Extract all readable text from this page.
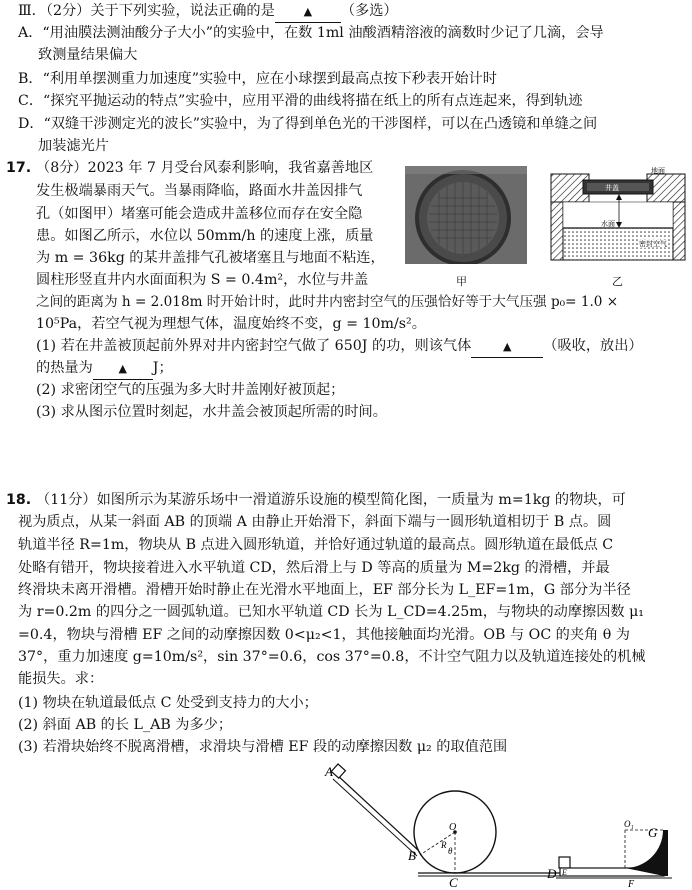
Ⅲ．（2分）关于下列实验，说法正确的是	▲ （多选）
A．“用油膜法测油酸分子大小”的实验中，在数 1ml 油酸酒精溶液的滴数时少记了几滴，会导
致测量结果偏大
B．“利用单摆测重力加速度”实验中，应在小球摆到最高点按下秒表开始计时
C．“探究平抛运动的特点”实验中，应用平滑的曲线将描在纸上的所有点连起来，得到轨迹
D．“双缝干涉测定光的波长”实验中，为了得到单色光的干涉图样，可以在凸透镜和单缝之间
加装滤光片
17. （8分）2023 年 7 月受台风泰利影响，我省嘉善地区
发生极端暴雨天气。当暴雨降临，路面水井盖因排气
孔（如图甲）堵塞可能会造成井盖移位而存在安全隐
患。如图乙所示，水位以 50mm/h 的速度上涨，质量
为 m = 36kg 的某井盖排气孔被堵塞且与地面不粘连，
圆柱形竖直井内水面面积为 S = 0.4m²，水位与井盖
之间的距离为 h = 2.018m 时开始计时，此时井内密封空气的压强恰好等于大气压强 p₀= 1.0 ×
10⁵Pa，若空气视为理想气体，温度始终不变，g = 10m/s²。
(1) 若在井盖被顶起前外界对井内密封空气做了 650J 的功，则该气体	▲ （吸收，放出）
的热量为 ▲ J；
(2) 求密闭空气的压强为多大时井盖刚好被顶起；
(3) 求从图示位置时刻起，水井盖会被顶起所需的时间。
甲
地面
井盖
水面
密封空气
乙
18. （11分）如图所示为某游乐场中一滑道游乐设施的模型简化图，一质量为 m=1kg 的物块，可
视为质点，从某一斜面 AB 的顶端 A 由静止开始滑下，斜面下端与一圆形轨道相切于 B 点。圆
轨道半径 R=1m，物块从 B 点进入圆形轨道，并恰好通过轨道的最高点。圆形轨道在最低点 C
处略有错开，物块接着进入水平轨道 CD，然后滑上与 D 等高的质量为 M=2kg 的滑槽，并最
终滑块未离开滑槽。滑槽开始时静止在光滑水平地面上，EF 部分长为 L_EF=1m，G 部分为半径
为 r=0.2m 的四分之一圆弧轨道。已知水平轨道 CD 长为 L_CD=4.25m，与物块的动摩擦因数 μ₁
=0.4，物块与滑槽 EF 之间的动摩擦因数 0<μ₂<1，其他接触面均光滑。OB 与 OC 的夹角 θ 为
37°，重力加速度 g=10m/s²，sin 37°=0.6，cos 37°=0.8，不计空气阻力以及轨道连接处的机械
能损失。求：
(1) 物块在轨道最低点 C 处受到支持力的大小；
(2) 斜面 AB 的长 L_AB 为多少；
(3) 若滑块始终不脱离滑槽，求滑块与滑槽 EF 段的动摩擦因数 μ₂ 的取值范围
A
B
C
D E
F
G
O	O₁
R
θ
